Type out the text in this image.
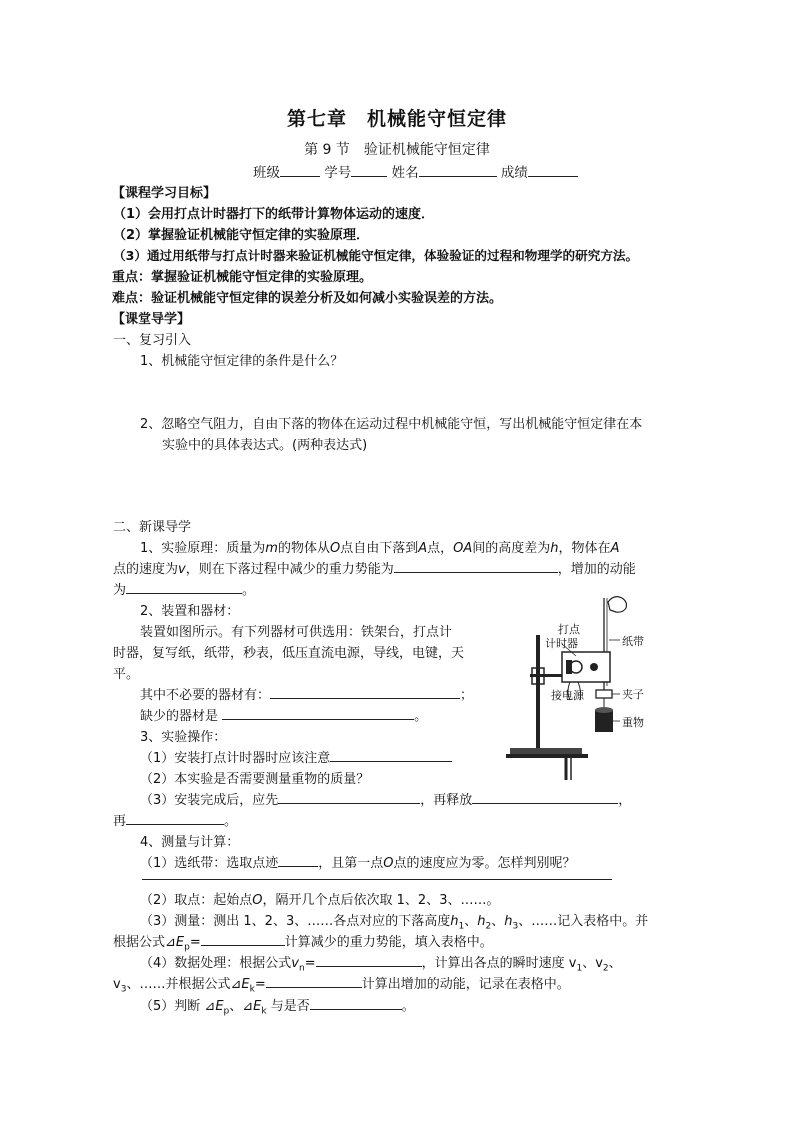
第七章　机械能守恒定律
第 9 节　验证机械能守恒定律
班级	学号	姓名	成绩
【课程学习目标】
（1）会用打点计时器打下的纸带计算物体运动的速度．
（2）掌握验证机械能守恒定律的实验原理．
（3）通过用纸带与打点计时器来验证机械能守恒定律，体验验证的过程和物理学的研究方法。
重点：掌握验证机械能守恒定律的实验原理。
难点：验证机械能守恒定律的误差分析及如何减小实验误差的方法。
【课堂导学】
一、复习引入
1、机械能守恒定律的条件是什么？
2、忽略空气阻力，自由下落的物体在运动过程中机械能守恒，写出机械能守恒定律在本
实验中的具体表达式。(两种表达式)
二、新课导学
1、实验原理：质量为m的物体从O点自由下落到A点，OA间的高度差为h，物体在A
点的速度为v，则在下落过程中减少的重力势能为	，增加的动能
为	。
2、装置和器材：
装置如图所示。有下列器材可供选用：铁架台，打点计
时器，复写纸，纸带，秒表，低压直流电源，导线，电键，天
平。
其中不必要的器材有：	；
缺少的器材是	。
3、实验操作：
（1）安装打点计时器时应该注意
（2）本实验是否需要测量重物的质量？
（3）安装完成后，应先	，再释放	，
再	。
4、测量与计算：
（1）选纸带：选取点迹	，且第一点O点的速度应为零。怎样判别呢？
（2）取点：起始点O，隔开几个点后依次取 1、2、3、……。
（3）测量：测出 1、2、3、……各点对应的下落高度$h_1$、$h_2$、$h_3$、……记入表格中。并
根据公式$⊿E_p=$	计算减少的重力势能，填入表格中。
（4）数据处理：根据公式$v_n=$	，计算出各点的瞬时速度 $v_1$、$v_2$、
$v_3$、……并根据公式$⊿E_k=$	计算出增加的动能，记录在表格中。
（5）判断 $⊿E_p$、$⊿E_k$ 与是否	。
打点
计时器	纸带
接电源	夹子
重物
